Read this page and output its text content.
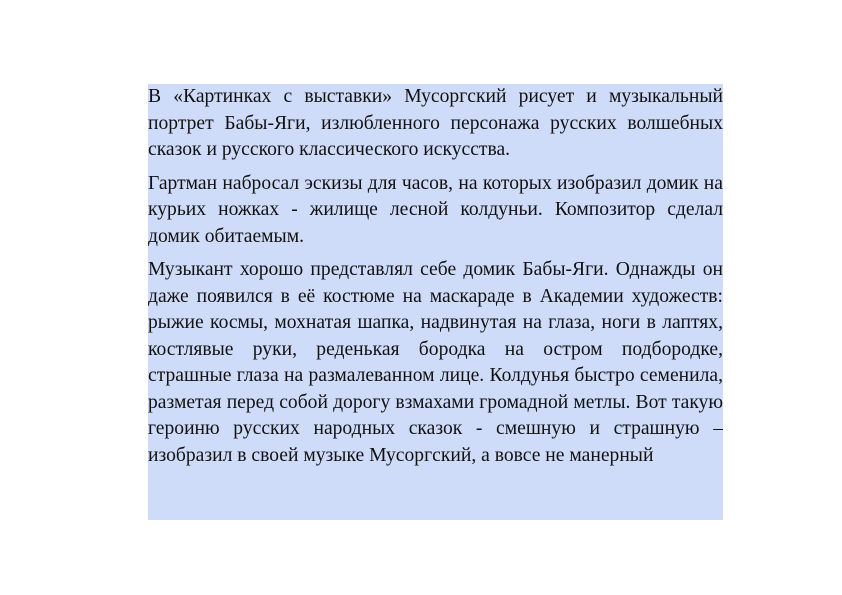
В «Картинках с выставки» Мусоргский рисует и музыкальный портрет Бабы-Яги, излюбленного персонажа русских волшебных сказок и русского классического искусства.

Гартман набросал эскизы для часов, на которых изобразил домик на курьих ножках - жилище лесной колдуньи. Композитор сделал домик обитаемым.

Музыкант хорошо представлял себе домик Бабы-Яги. Однажды он даже появился в её костюме на маскараде в Академии художеств: рыжие космы, мохнатая шапка, надвинутая на глаза, ноги в лаптях, костлявые руки, реденькая бородка на остром подбородке, страшные глаза на размалеванном лице. Колдунья быстро семенила, разметая перед собой дорогу взмахами громадной метлы. Вот такую героиню русских народных сказок - смешную и страшную – изобразил в своей музыке Мусоргский, а вовсе не манерный
